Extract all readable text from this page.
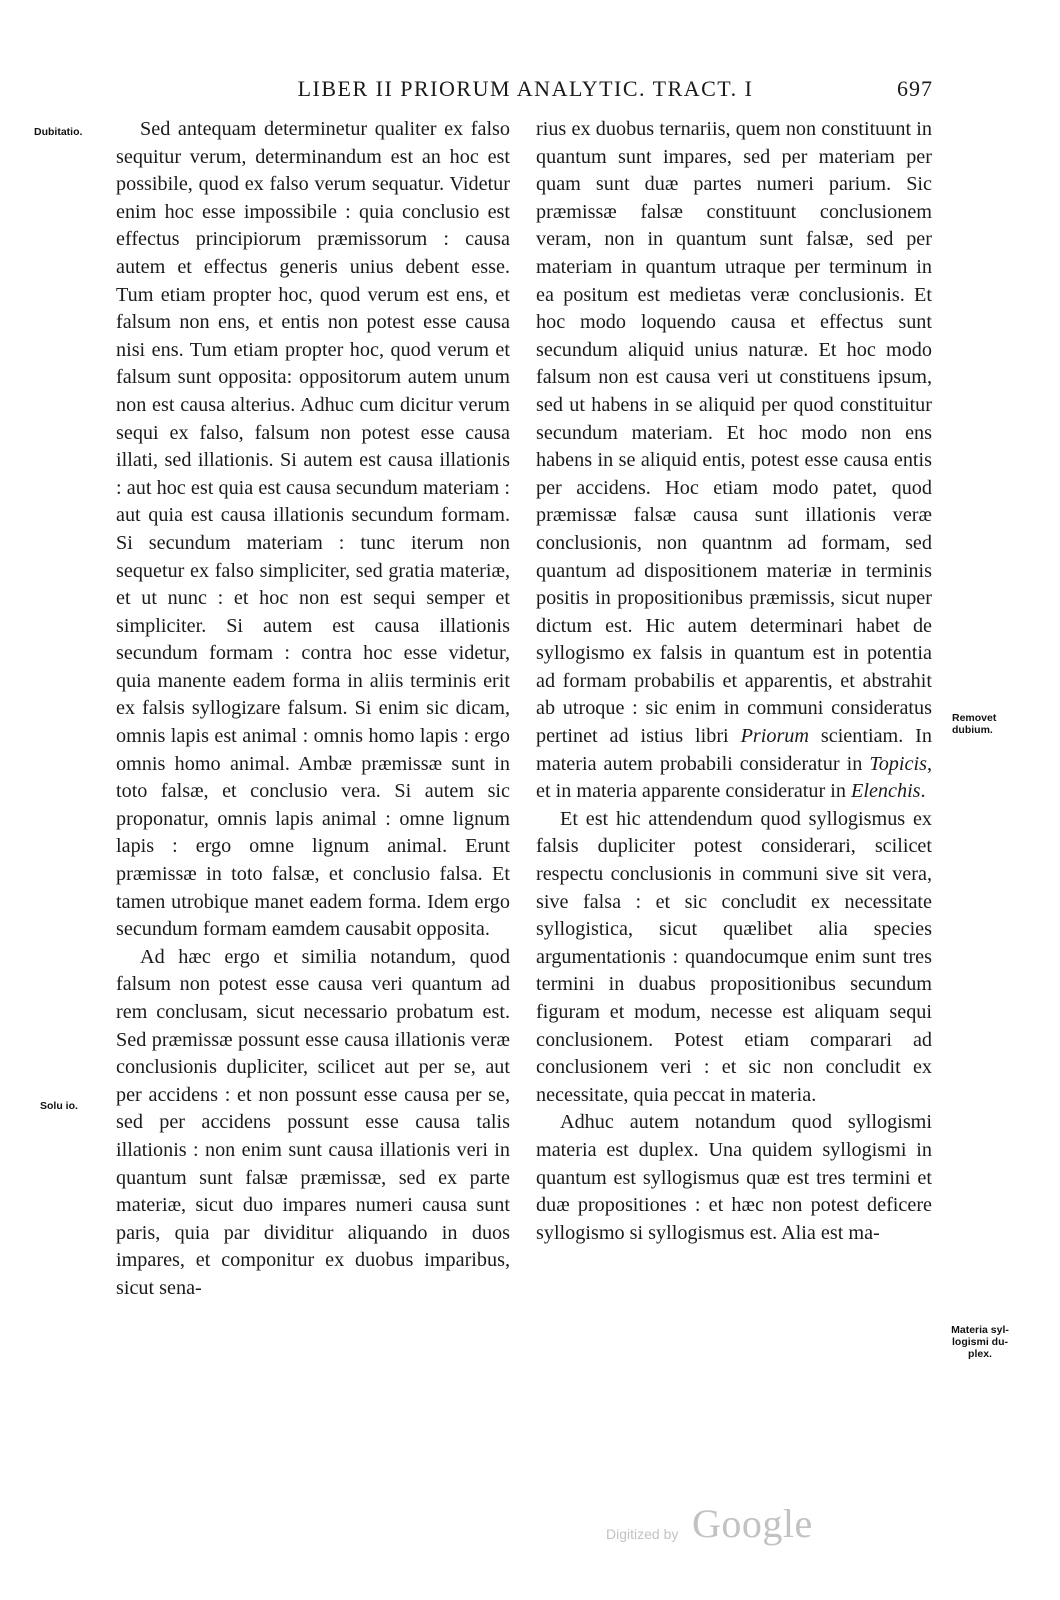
LIBER II PRIORUM ANALYTIC. TRACT. I	697
Dubitatio.
Solu io.
Removet
dubium.
Materia syl-
logismi du-
plex.

Sed antequam determinetur qualiter ex falso sequitur verum, determinandum est an hoc est possibile, quod ex falso verum sequatur. Videtur enim hoc esse impossibile : quia conclusio est effectus principiorum præmissorum : causa autem et effectus generis unius debent esse. Tum etiam propter hoc, quod verum est ens, et falsum non ens, et entis non potest esse causa nisi ens. Tum etiam propter hoc, quod verum et falsum sunt opposita: oppositorum autem unum non est causa alterius. Adhuc cum dicitur verum sequi ex falso, falsum non potest esse causa illati, sed illationis. Si autem est causa illationis : aut hoc est quia est causa secundum materiam : aut quia est causa illationis secundum formam. Si secundum materiam : tunc iterum non sequetur ex falso simpliciter, sed gratia materiæ, et ut nunc : et hoc non est sequi semper et simpliciter. Si autem est causa illationis secundum formam : contra hoc esse videtur, quia manente eadem forma in aliis terminis erit ex falsis syllogizare falsum. Si enim sic dicam, omnis lapis est animal : omnis homo lapis : ergo omnis homo animal. Ambæ præmissæ sunt in toto falsæ, et conclusio vera. Si autem sic proponatur, omnis lapis animal : omne lignum lapis : ergo omne lignum animal. Erunt præmissæ in toto falsæ, et conclusio falsa. Et tamen utrobique manet eadem forma. Idem ergo secundum formam eamdem causabit opposita.

Ad hæc ergo et similia notandum, quod falsum non potest esse causa veri quantum ad rem conclusam, sicut necessario probatum est. Sed præmissæ possunt esse causa illationis veræ conclusionis dupliciter, scilicet aut per se, aut per accidens : et non possunt esse causa per se, sed per accidens possunt esse causa talis illationis : non enim sunt causa illationis veri in quantum sunt falsæ præmissæ, sed ex parte materiæ, sicut duo impares numeri causa sunt paris, quia par dividitur aliquando in duos impares, et componitur ex duobus imparibus, sicut sena-

rius ex duobus ternariis, quem non constituunt in quantum sunt impares, sed per materiam per quam sunt duæ partes numeri parium. Sic præmissæ falsæ constituunt conclusionem veram, non in quantum sunt falsæ, sed per materiam in quantum utraque per terminum in ea positum est medietas veræ conclusionis. Et hoc modo loquendo causa et effectus sunt secundum aliquid unius naturæ. Et hoc modo falsum non est causa veri ut constituens ipsum, sed ut habens in se aliquid per quod constituitur secundum materiam. Et hoc modo non ens habens in se aliquid entis, potest esse causa entis per accidens. Hoc etiam modo patet, quod præmissæ falsæ causa sunt illationis veræ conclusionis, non quantnm ad formam, sed quantum ad dispositionem materiæ in terminis positis in propositionibus præmissis, sicut nuper dictum est. Hic autem determinari habet de syllogismo ex falsis in quantum est in potentia ad formam probabilis et apparentis, et abstrahit ab utroque : sic enim in communi consideratus pertinet ad istius libri Priorum scientiam. In materia autem probabili consideratur in Topicis, et in materia apparente consideratur in Elenchis.

Et est hic attendendum quod syllogismus ex falsis dupliciter potest considerari, scilicet respectu conclusionis in communi sive sit vera, sive falsa : et sic concludit ex necessitate syllogistica, sicut quælibet alia species argumentationis : quandocumque enim sunt tres termini in duabus propositionibus secundum figuram et modum, necesse est aliquam sequi conclusionem. Potest etiam comparari ad conclusionem veri : et sic non concludit ex necessitate, quia peccat in materia.

Adhuc autem notandum quod syllogismi materia est duplex. Una quidem syllogismi in quantum est syllogismus quæ est tres termini et duæ propositiones : et hæc non potest deficere syllogismo si syllogismus est. Alia est ma-

Digitized by Google
